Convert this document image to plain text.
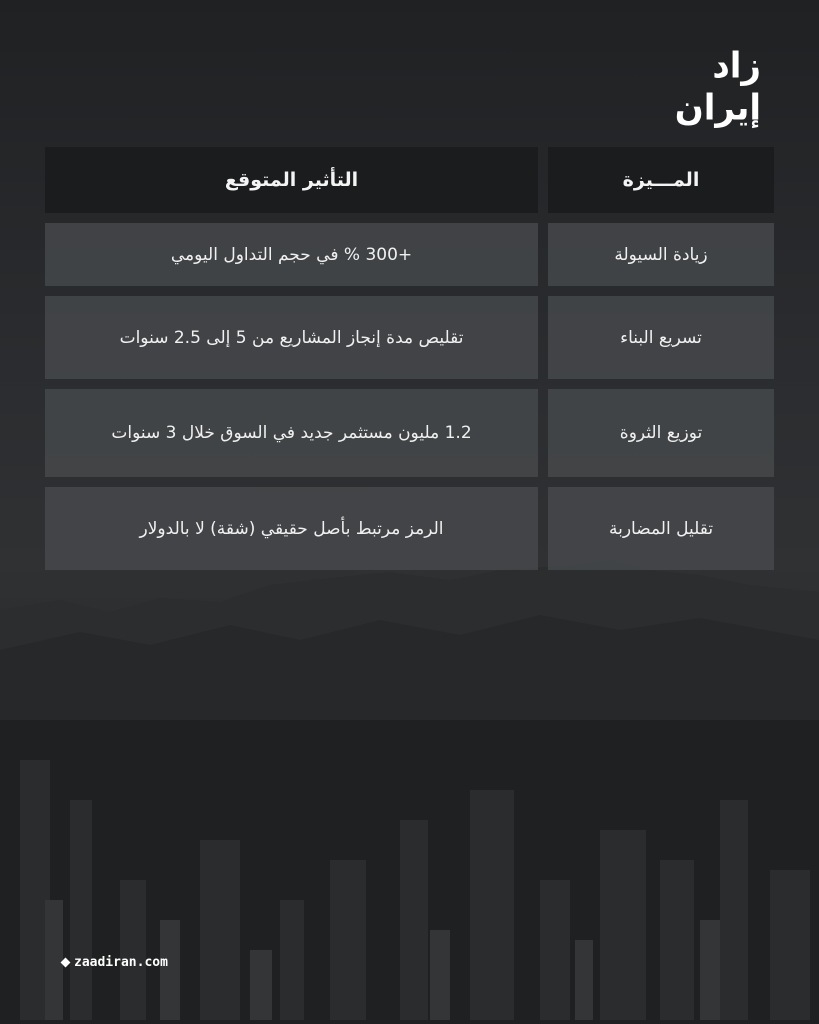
زاد إيران
المـــيزة
التأثير المتوقع
زيادة السيولة
+300 % في حجم التداول اليومي
تسريع البناء
تقليص مدة إنجاز المشاريع من 5 إلى 2.5 سنوات
توزيع الثروة
1.2 مليون مستثمر جديد في السوق خلال 3 سنوات
تقليل المضاربة
الرمز مرتبط بأصل حقيقي (شقة) لا بالدولار
zaadiran.com
